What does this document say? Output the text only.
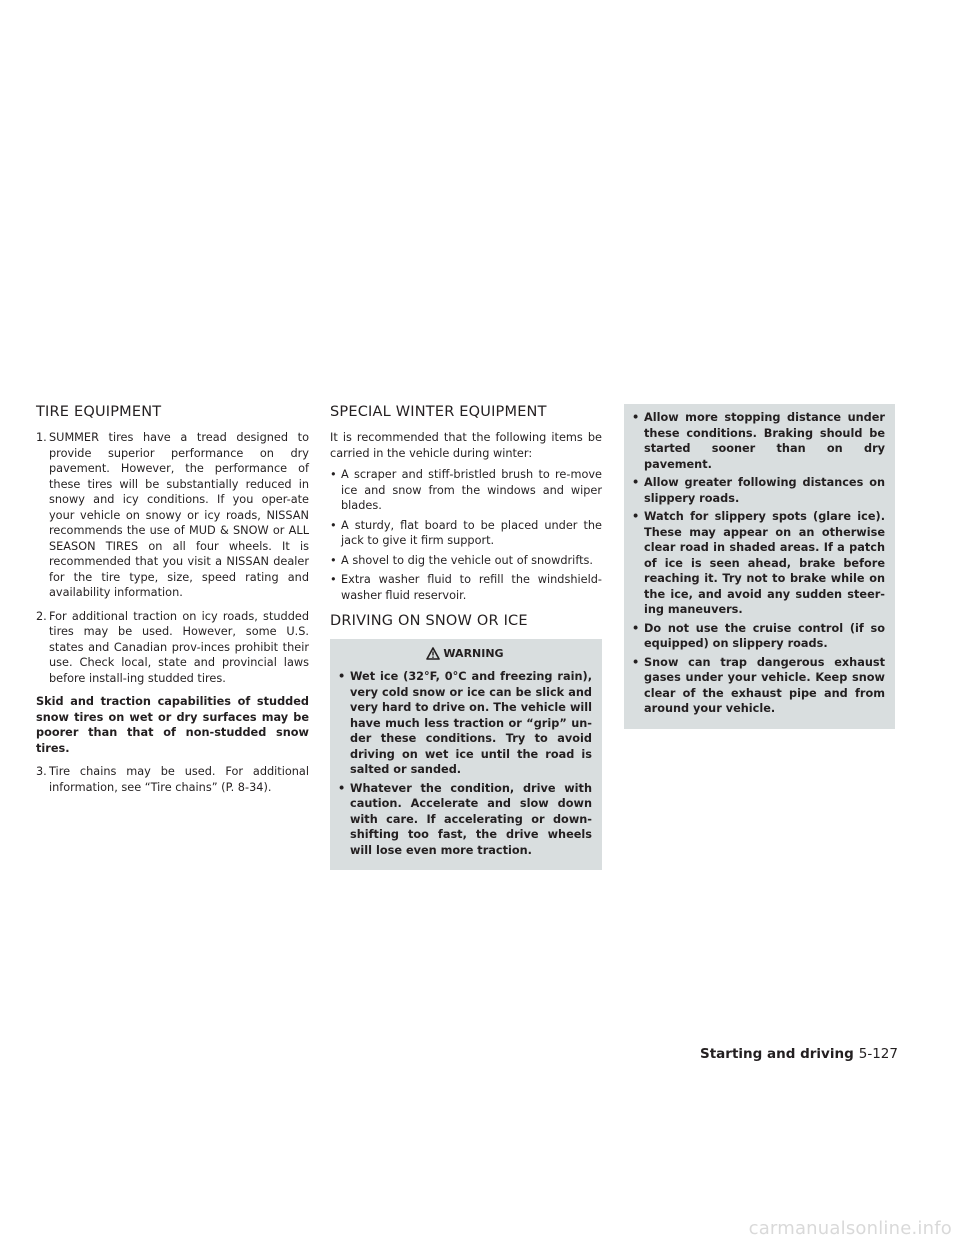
TIRE EQUIPMENT
1. SUMMER tires have a tread designed to provide superior performance on dry pavement. However, the performance of these tires will be substantially reduced in snowy and icy conditions. If you oper-ate your vehicle on snowy or icy roads, NISSAN recommends the use of MUD & SNOW or ALL SEASON TIRES on all four wheels. It is recommended that you visit a NISSAN dealer for the tire type, size, speed rating and availability information.
2. For additional traction on icy roads, studded tires may be used. However, some U.S. states and Canadian prov-inces prohibit their use. Check local, state and provincial laws before install-ing studded tires.

Skid and traction capabilities of studded snow tires on wet or dry surfaces may be poorer than that of non-studded snow tires.

3. Tire chains may be used. For additional information, see “Tire chains” (P. 8-34).
SPECIAL WINTER EQUIPMENT

It is recommended that the following items be carried in the vehicle during winter:

• A scraper and stiff-bristled brush to re-move ice and snow from the windows and wiper blades.
• A sturdy, flat board to be placed under the jack to give it firm support.
• A shovel to dig the vehicle out of snowdrifts.
• Extra washer fluid to refill the windshield-washer fluid reservoir.
DRIVING ON SNOW OR ICE
WARNING
• Wet ice (32°F, 0°C and freezing rain), very cold snow or ice can be slick and very hard to drive on. The vehicle will have much less traction or “grip” un-der these conditions. Try to avoid driving on wet ice until the road is salted or sanded.
• Whatever the condition, drive with caution. Accelerate and slow down with care. If accelerating or down-shifting too fast, the drive wheels will lose even more traction.
• Allow more stopping distance under these conditions. Braking should be started sooner than on dry pavement.
• Allow greater following distances on slippery roads.
• Watch for slippery spots (glare ice). These may appear on an otherwise clear road in shaded areas. If a patch of ice is seen ahead, brake before reaching it. Try not to brake while on the ice, and avoid any sudden steer-ing maneuvers.
• Do not use the cruise control (if so equipped) on slippery roads.
• Snow can trap dangerous exhaust gases under your vehicle. Keep snow clear of the exhaust pipe and from around your vehicle.
Starting and driving 5-127
carmanualsonline.info
